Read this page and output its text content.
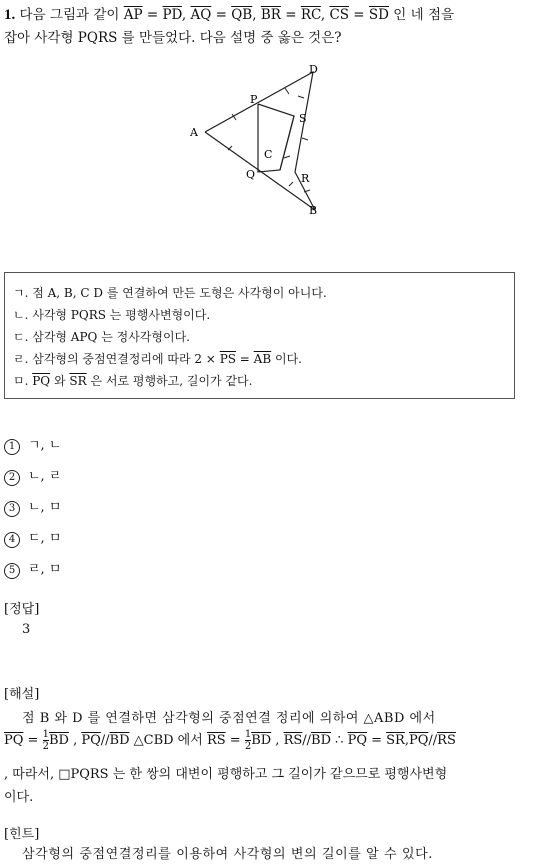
1. 다음 그림과 같이 $\overline{AP} = \overline{PD}$, $\overline{AQ} = \overline{QB}$, $\overline{BR} = \overline{RC}$, $\overline{CS} = \overline{SD}$ 인 네 점을
잡아 사각형 PQRS 를 만들었다. 다음 설명 중 옳은 것은?
A
B
C
D
P
Q	R
S
ㄱ. 점 A, B, C D 를 연결하여 만든 도형은 사각형이 아니다.
ㄴ. 사각형 PQRS 는 평행사변형이다.
ㄷ. 삼각형 APQ 는 정사각형이다.
ㄹ. 삼각형의 중점연결정리에 따라 $2 \times \overline{PS} = \overline{AB}$ 이다.
ㅁ. $\overline{PQ}$ 와 $\overline{SR}$ 은 서로 평행하고, 길이가 같다.
1 ㄱ, ㄴ
2 ㄴ, ㄹ
3 ㄴ, ㅁ
4 ㄷ, ㅁ
5 ㄹ, ㅁ
[정답]
3
[해설]
점 B 와 D 를 연결하면 삼각형의 중점연결 정리에 의하여 △ABD 에서
$\overline{PQ} = \frac{1}{2} \overline{BD}$ , $\overline{PQ}//\overline{BD}$ △CBD 에서 $\overline{RS} = \frac{1}{2} \overline{BD}$ , $\overline{RS}//\overline{BD}$ ∴ $\overline{PQ} = \overline{SR},\overline{PQ}//\overline{RS}$
, 따라서, □PQRS 는 한 쌍의 대변이 평행하고 그 길이가 같으므로 평행사변형
이다.
[힌트]
삼각형의 중점연결정리를 이용하여 사각형의 변의 길이를 알 수 있다.
